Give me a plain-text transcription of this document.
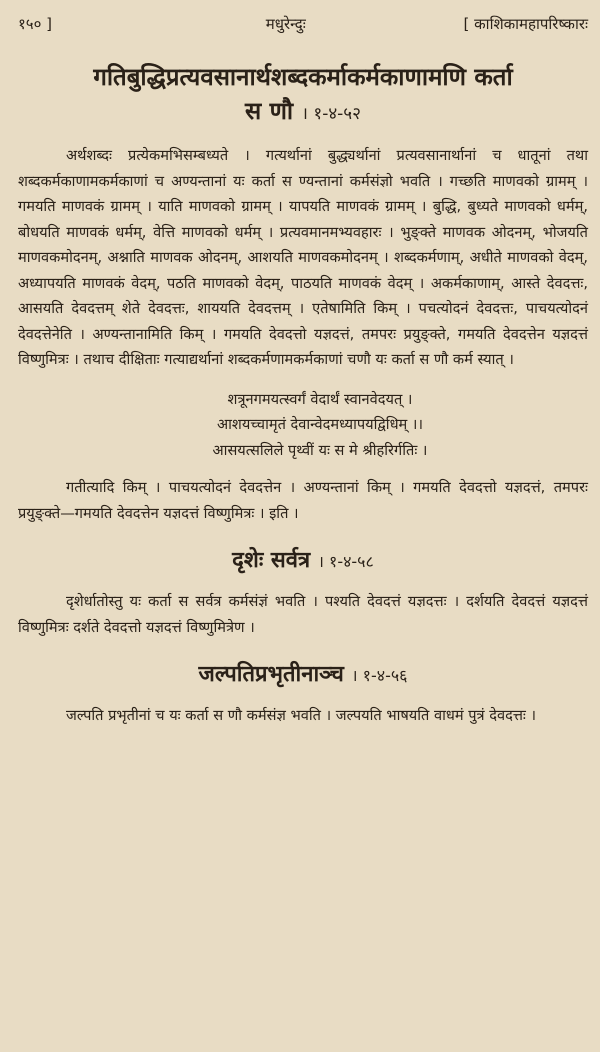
१५० ]	मधुरेन्दुः	[ काशिकामहापरिष्कारः
गतिबुद्धिप्रत्यवसानार्थशब्दकर्माकर्मकाणामणि कर्ता
स णौ । १-४-५२

अर्थशब्दः प्रत्येकमभिसम्बध्यते । गत्यर्थानां बुद्ध्यर्थानां प्रत्यवसानार्थानां च धातूनां तथा शब्दकर्मकाणामकर्मकाणां च अण्यन्तानां यः कर्ता स ण्यन्तानां कर्मसंज्ञो भवति । गच्छति माणवको ग्रामम् । गमयति माणवकं ग्रामम् । याति माणवको ग्रामम् । यापयति माणवकं ग्रामम् । बुद्धि, बुध्यते माणवको धर्मम्, बोधयति माणवकं धर्मम्, वेत्ति माणवको धर्मम् । प्रत्यवमानमभ्यवहारः । भुङ्क्ते माणवक ओदनम्, भोजयति माणवकमोदनम्, अश्नाति माणवक ओदनम्, आशयति माणवकमोदनम् । शब्दकर्मणाम्, अधीते माणवको वेदम्, अध्यापयति माणवकं वेदम्, पठति माणवको वेदम्, पाठयति माणवकं वेदम् । अकर्मकाणाम्, आस्ते देवदत्तः, आसयति देवदत्तम् शेते देवदत्तः, शाययति देवदत्तम् । एतेषामिति किम् । पचत्योदनं देवदत्तः, पाचयत्योदनं देवदत्तेनेति । अण्यन्तानामिति किम् । गमयति देवदत्तो यज्ञदत्तं, तमपरः प्रयुङ्क्ते, गमयति देवदत्तेन यज्ञदत्तं विष्णुमित्रः । तथाच दीक्षिताः गत्याद्यर्थानां शब्दकर्मणामकर्मकाणां चणौ यः कर्ता स णौ कर्म स्यात् ।

शत्रूनगमयत्स्वर्गं वेदार्थं स्वानवेदयत् ।
आशयच्चामृतं देवान्वेदमध्यापयद्विधिम् ।।
आसयत्सलिले पृथ्वीं यः स मे श्रीहरिर्गतिः ।

गतीत्यादि किम् । पाचयत्योदनं देवदत्तेन । अण्यन्तानां किम् । गमयति देवदत्तो यज्ञदत्तं, तमपरः प्रयुङ्क्ते—गमयति देवदत्तेन यज्ञदत्तं विष्णुमित्रः । इति ।

दृशेः सर्वत्र । १-४-५८

दृशेर्धातोस्तु यः कर्ता स सर्वत्र कर्मसंज्ञं भवति । पश्यति देवदत्तं यज्ञदत्तः । दर्शयति देवदत्तं यज्ञदत्तं विष्णुमित्रः दर्शते देवदत्तो यज्ञदत्तं विष्णुमित्रेण ।

जल्पतिप्रभृतीनाञ्च । १-४-५६

जल्पति प्रभृतीनां च यः कर्ता स णौ कर्मसंज्ञ भवति । जल्पयति भाषयति वाधमं पुत्रं देवदत्तः ।
